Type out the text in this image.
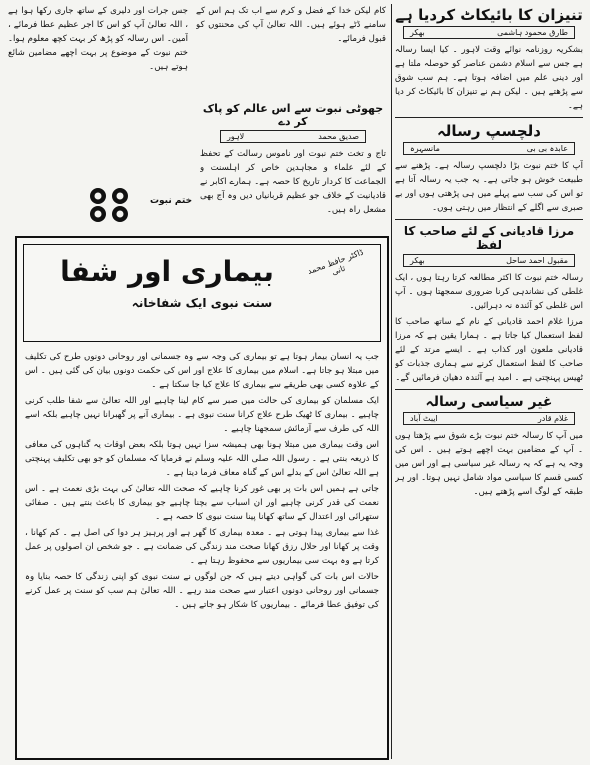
تنیزان کا بائیکاٹ کردیا ہے
طارق محمود ہاشمی
بھکر

بشکریہ روزنامہ نوائے وقت لاہور ۔ کیا ایسا رسالہ ہے جس سے اسلام دشمن عناصر کو حوصلہ ملتا ہے اور دینی علم میں اضافہ ہوتا ہے۔ ہم سب شوق سے پڑھتے ہیں ۔ لیکن ہم نے تنیزان کا بائیکاٹ کر دیا ہے۔

دلچسپ رسالہ
عابدہ بی بی
مانسہرہ

آپ کا ختم نبوت بڑا دلچسپ رسالہ ہے۔ پڑھنے سے طبیعت خوش ہو جاتی ہے۔ یہ جب یہ رسالہ آتا ہے تو اس کی سب سے پہلے میں ہی پڑھتی ہوں اور بے صبری سے اگلے کے انتظار میں رہتی ہوں۔

مرزا قادیانی کے لئے صاحب کا لفظ
مقبول احمد ساحل
بھکر

رسالہ ختم نبوت کا اکثر مطالعہ کرتا رہتا ہوں ، ایک غلطی کی نشاندہی کرنا ضروری سمجھتا ہوں ۔ آپ اس غلطی کو آئندہ نہ دہرائیں۔

مرزا غلام احمد قادیانی کے نام کے ساتھ صاحب کا لفظ استعمال کیا جاتا ہے ۔ ہمارا یقین ہے کہ مرزا قادیانی ملعون اور کذاب ہے ۔ ایسے مرتد کے لئے صاحب کا لفظ استعمال کرنے سے ہماری جذبات کو ٹھیس پہنچتی ہے ۔ امید ہے آئندہ دھیان فرمائیں گے۔

غیر سیاسی رسالہ
غلام قادر
ایبٹ آباد

میں آپ کا رسالہ ختم نبوت بڑے شوق سے پڑھتا ہوں ۔ آپ کے مضامین بہت اچھے ہوتے ہیں ۔ اس کی وجہ یہ ہے کہ یہ رسالہ غیر سیاسی ہے اور اس میں کسی قسم کا سیاسی مواد شامل نہیں ہوتا۔ اور ہر طبقہ کے لوگ اسے پڑھتے ہیں۔

جس جرات اور دلیری کے ساتھ جاری رکھا ہوا ہے ، اللہ تعالیٰ آپ کو اس کا اجر عظیم عطا فرمائے ، آمین۔ اس رسالہ کو پڑھ کر بہت کچھ معلوم ہوا۔ ختم نبوت کے موضوع پر بہت اچھے مضامین شائع ہوتے ہیں۔

کام لیکن خدا کے فضل و کرم سے اب تک ہم اس کے سامنے ڈٹے ہوئے ہیں۔ اللہ تعالیٰ آپ کی محنتوں کو قبول فرمائے۔

جھوٹی نبوت سے اس عالم کو پاک کر دے
صدیق محمد
لاہور

تاج و تخت ختم نبوت اور ناموس رسالت کے تحفظ کے لئے علماء و مجاہدین خاص کر اہلسنت و الجماعت کا کردار تاریخ کا حصہ ہے۔ ہمارے اکابر نے قادیانیت کے خلاف جو عظیم قربانیاں دیں وہ آج بھی مشعل راہ ہیں۔

ختم نبوت
بیماری اور شفا	ڈاکٹر حافظ محمد ثانی
سنت نبوی ایک شفاخانہ

جب یہ انسان بیمار ہوتا ہے تو بیماری کی وجہ سے وہ جسمانی اور روحانی دونوں طرح کی تکلیف میں مبتلا ہو جاتا ہے۔ اسلام میں بیماری کا علاج اور اس کی حکمت دونوں بیان کی گئی ہیں ۔ اس کے علاوہ کسی بھی طریقے سے بیماری کا علاج کیا جا سکتا ہے ۔

ایک مسلمان کو بیماری کی حالت میں صبر سے کام لینا چاہیے اور اللہ تعالیٰ سے شفا طلب کرنی چاہیے ۔ بیماری کا ٹھیک طرح علاج کرانا سنت نبوی ہے ۔ بیماری آنے پر گھبرانا نہیں چاہیے بلکہ اسے اللہ کی طرف سے آزمائش سمجھنا چاہیے ۔

اس وقت بیماری میں مبتلا ہونا بھی ہمیشہ سزا نہیں ہوتا بلکہ بعض اوقات یہ گناہوں کی معافی کا ذریعہ بنتی ہے ۔ رسول اللہ صلی اللہ علیہ وسلم نے فرمایا کہ مسلمان کو جو بھی تکلیف پہنچتی ہے اللہ تعالیٰ اس کے بدلے اس کے گناہ معاف فرما دیتا ہے ۔

جاتی ہے ہمیں اس بات پر بھی غور کرنا چاہیے کہ صحت اللہ تعالیٰ کی بہت بڑی نعمت ہے ۔ اس نعمت کی قدر کرنی چاہیے اور ان اسباب سے بچنا چاہیے جو بیماری کا باعث بنتے ہیں ۔ صفائی ستھرائی اور اعتدال کے ساتھ کھانا پینا سنت نبوی کا حصہ ہے ۔

غذا سے بیماری پیدا ہوتی ہے ۔ معدہ بیماری کا گھر ہے اور پرہیز ہر دوا کی اصل ہے ۔ کم کھانا ، وقت پر کھانا اور حلال رزق کھانا صحت مند زندگی کی ضمانت ہے ۔ جو شخص ان اصولوں پر عمل کرتا ہے وہ بہت سی بیماریوں سے محفوظ رہتا ہے ۔

حالات اس بات کی گواہی دیتے ہیں کہ جن لوگوں نے سنت نبوی کو اپنی زندگی کا حصہ بنایا وہ جسمانی اور روحانی دونوں اعتبار سے صحت مند رہے ۔ اللہ تعالیٰ ہم سب کو سنت پر عمل کرنے کی توفیق عطا فرمائے ۔ بیماریوں کا شکار ہو جاتے ہیں ۔
